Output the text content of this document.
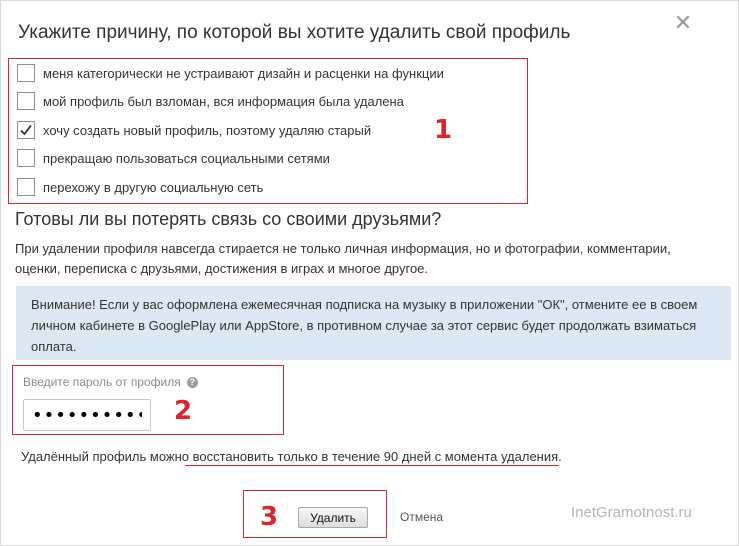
Укажите причину, по которой вы хотите удалить свой профиль	✕
меня категорически не устраивают дизайн и расценки на функции
мой профиль был взломан, вся информация была удалена
хочу создать новый профиль, поэтому удаляю старый
прекращаю пользоваться социальными сетями
перехожу в другую социальную сеть
1
Готовы ли вы потерять связь со своими друзьями?
При удалении профиля навсегда стирается не только личная информация, но и фотографии, комментарии, оценки, переписка с друзьями, достижения в играх и многое другое.
Внимание! Если у вас оформлена ежемесячная подписка на музыку в приложении "ОК", отмените ее в своем личном кабинете в GooglePlay или AppStore, в противном случае за этот сервис будет продолжать взиматься оплата.
Введите пароль от профиля ?
••••••••••
2
Удалённый профиль можно восстановить только в течение 90 дней с момента удаления.
3	Удалить	Отмена	InetGramotnost.ru
